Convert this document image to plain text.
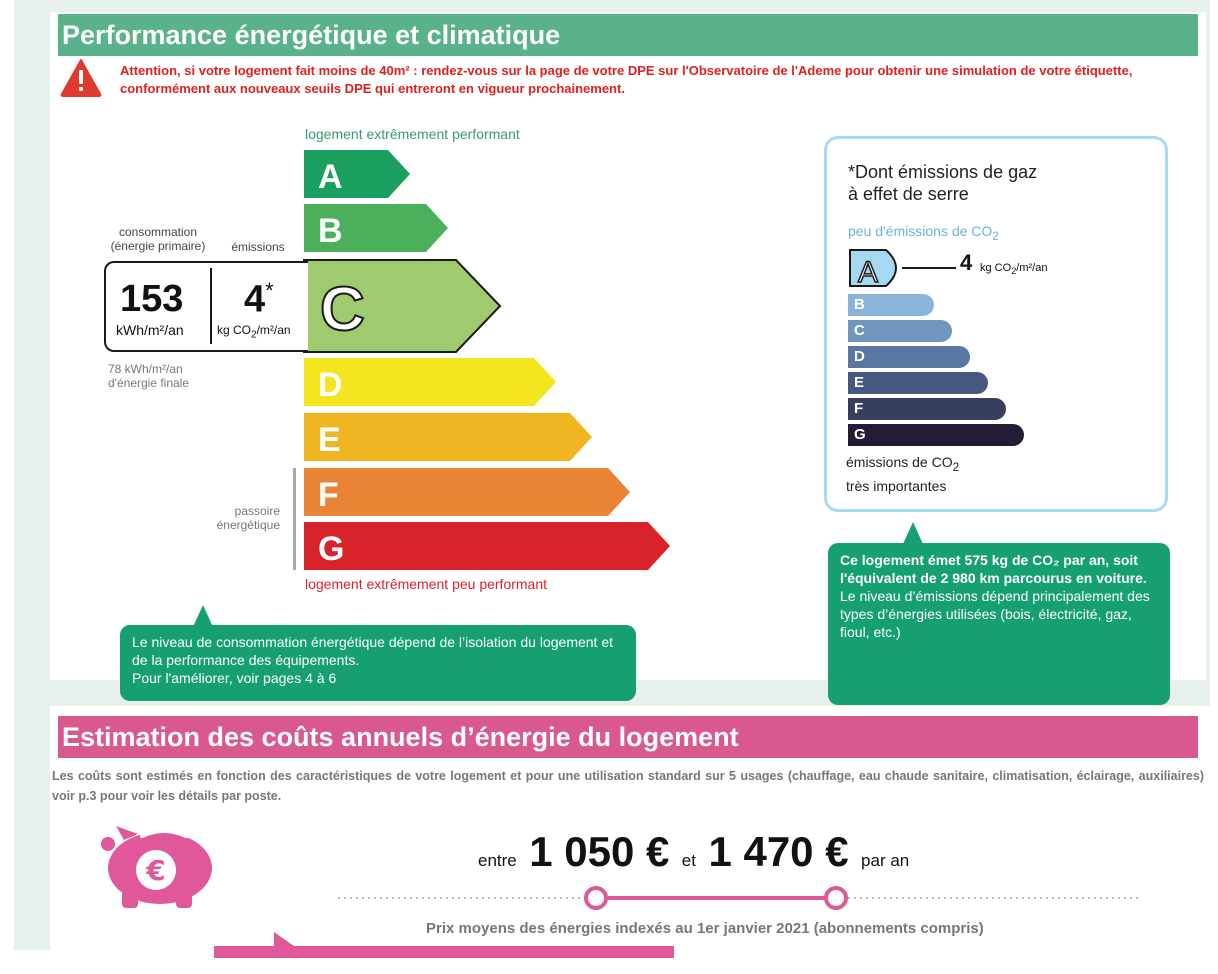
Performance énergétique et climatique
Attention, si votre logement fait moins de 40m² : rendez-vous sur la page de votre DPE sur l'Observatoire de l'Ademe pour obtenir une simulation de votre étiquette, conformément aux nouveaux seuils DPE qui entreront en vigueur prochainement.
logement extrêmement performant
A
B
C
D
E
F
G
consommation
(énergie primaire)	émissions
153
kWh/m²/an
4*
kg $CO_2/m^2/an$
78 kWh/m²/an
d'énergie finale
passoire
énergétique
logement extrêmement peu performant
Le niveau de consommation énergétique dépend de l’isolation du logement et de la performance des équipements.
Pour l'améliorer, voir pages 4 à 6
*Dont émissions de gaz
à effet de serre
peu d'émissions de $CO_2$
A	4 kg $CO_2/m^2/an$
B
C
D
E
F
G
émissions de $CO_2$
très importantes
Ce logement émet 575 kg de CO₂ par an, soit l'équivalent de 2 980 km parcourus en voiture.
Le niveau d’émissions dépend principalement des types d’énergies utilisées (bois, électricité, gaz, fioul, etc.)
Estimation des coûts annuels d’énergie du logement
Les coûts sont estimés en fonction des caractéristiques de votre logement et pour une utilisation standard sur 5 usages (chauffage, eau chaude sanitaire, climatisation, éclairage, auxiliaires) voir p.3 pour voir les détails par poste.
€	entre 1 050 € et 1 470 € par an
Prix moyens des énergies indexés au 1er janvier 2021 (abonnements compris)
